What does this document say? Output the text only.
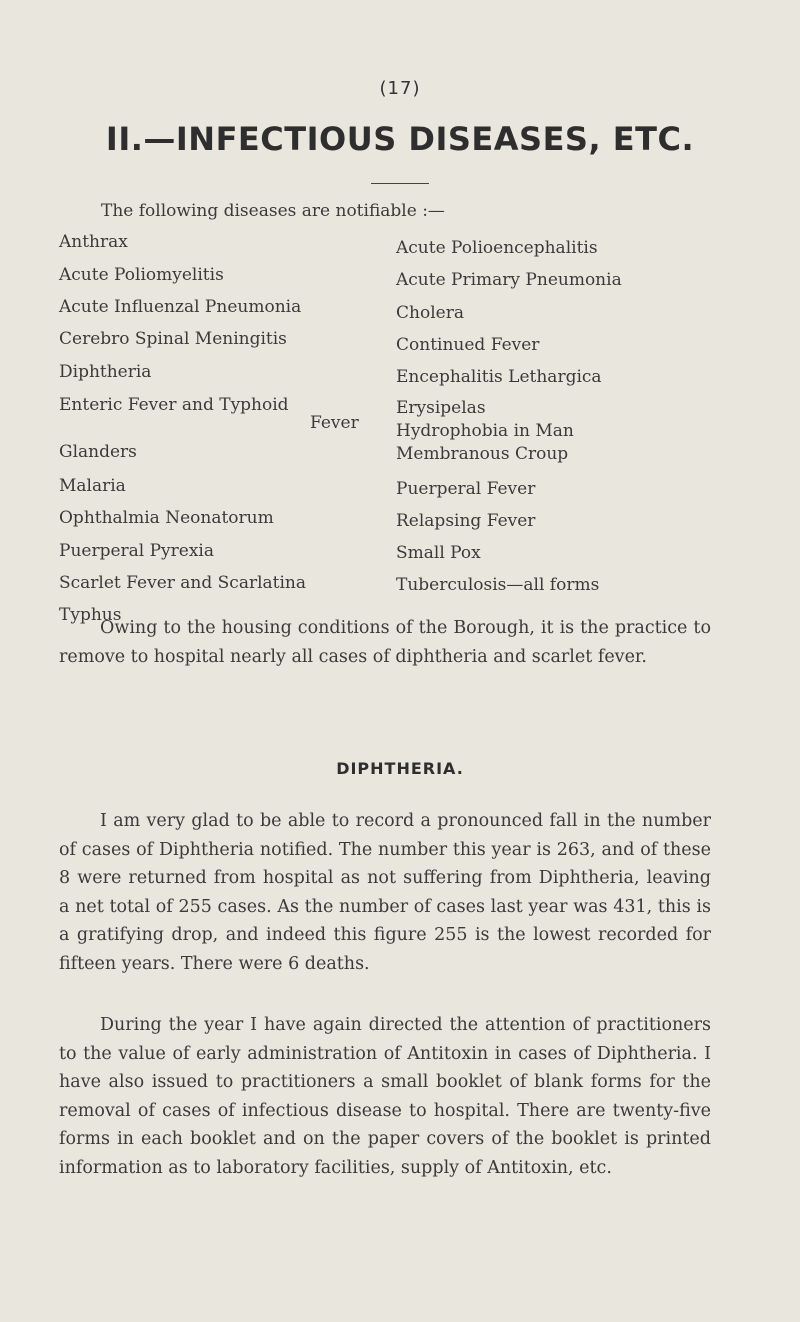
(17)
II.—INFECTIOUS DISEASES, ETC.
The following diseases are notifiable :—
Anthrax
Acute Poliomyelitis
Acute Influenzal Pneumonia
Cerebro Spinal Meningitis
Diphtheria
Enteric Fever and Typhoid
Glanders
Malaria
Ophthalmia Neonatorum
Puerperal Pyrexia
Scarlet Fever and Scarlatina
Typhus
Fever
Acute Polioencephalitis
Acute Primary Pneumonia
Cholera
Continued Fever
Encephalitis Lethargica
Erysipelas
Hydrophobia in Man
Membranous Croup
Puerperal Fever
Relapsing Fever
Small Pox
Tuberculosis—all forms

Owing to the housing conditions of the Borough, it is the practice to remove to hospital nearly all cases of diphtheria and scarlet fever.

DIPHTHERIA.

I am very glad to be able to record a pronounced fall in the number of cases of Diphtheria notified. The number this year is 263, and of these 8 were returned from hospital as not suffering from Diphtheria, leaving a net total of 255 cases. As the number of cases last year was 431, this is a gratifying drop, and indeed this figure 255 is the lowest recorded for fifteen years. There were 6 deaths.

During the year I have again directed the attention of practitioners to the value of early administration of Antitoxin in cases of Diphtheria. I have also issued to practitioners a small booklet of blank forms for the removal of cases of infectious disease to hospital. There are twenty-five forms in each booklet and on the paper covers of the booklet is printed information as to laboratory facilities, supply of Antitoxin, etc.
